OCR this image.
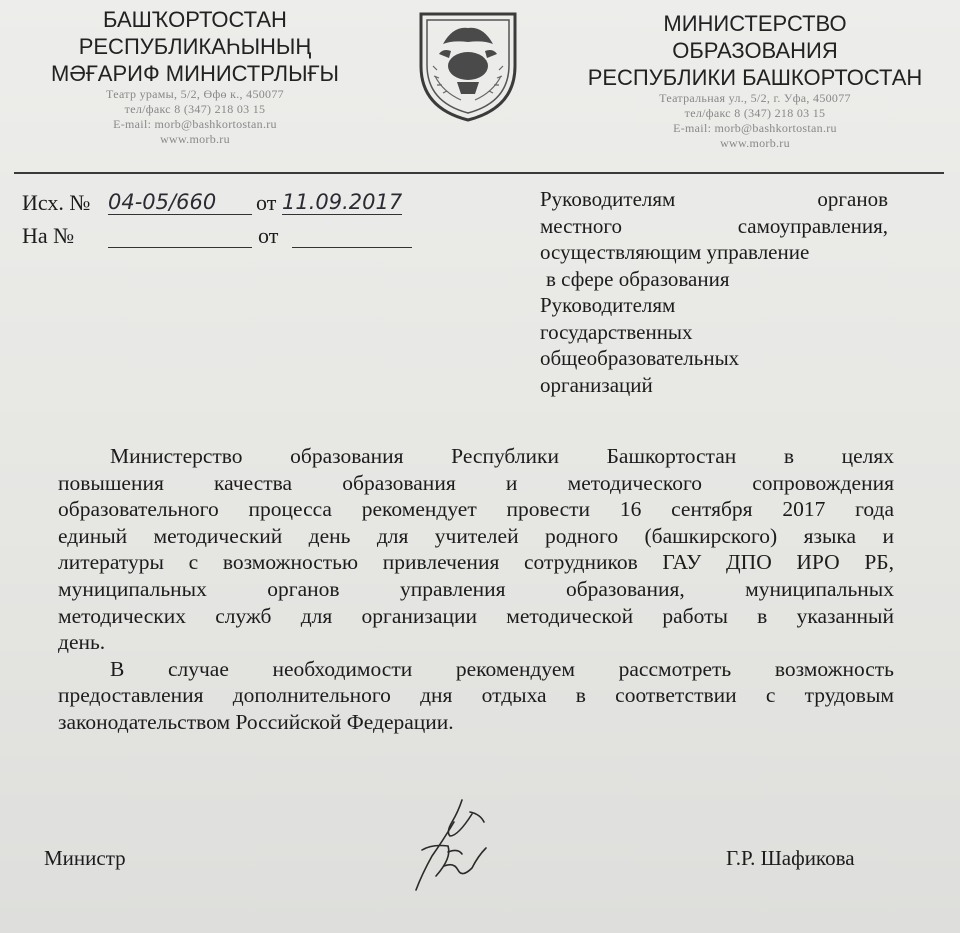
БАШҠОРТОСТАН
РЕСПУБЛИКАҺЫНЫҢ
МӘҒАРИФ МИНИСТРЛЫҒЫ
Театр урамы, 5/2, Өфө к., 450077
тел/факс 8 (347) 218 03 15
E-mail: morb@bashkortostan.ru
www.morb.ru
МИНИСТЕРСТВО
ОБРАЗОВАНИЯ
РЕСПУБЛИКИ БАШКОРТОСТАН
Театральная ул., 5/2, г. Уфа, 450077
тел/факс 8 (347) 218 03 15
E-mail: morb@bashkortostan.ru
www.morb.ru
Исх. № 04-05/660	от 11.09.2017
На №	от
Руководителям органов
местного самоуправления,
осуществляющим управление
в сфере образования
Руководителям
государственных
общеобразовательных
организаций
Министерство образования Республики Башкортостан в целях
повышения качества образования и методического сопровождения
образовательного процесса рекомендует провести 16 сентября 2017 года
единый методический день для учителей родного (башкирского) языка и
литературы с возможностью привлечения сотрудников ГАУ ДПО ИРО РБ,
муниципальных органов управления образования, муниципальных
методических служб для организации методической работы в указанный
день.
В случае необходимости рекомендуем рассмотреть возможность
предоставления дополнительного дня отдыха в соответствии с трудовым
законодательством Российской Федерации.
Министр	Г.Р. Шафикова
